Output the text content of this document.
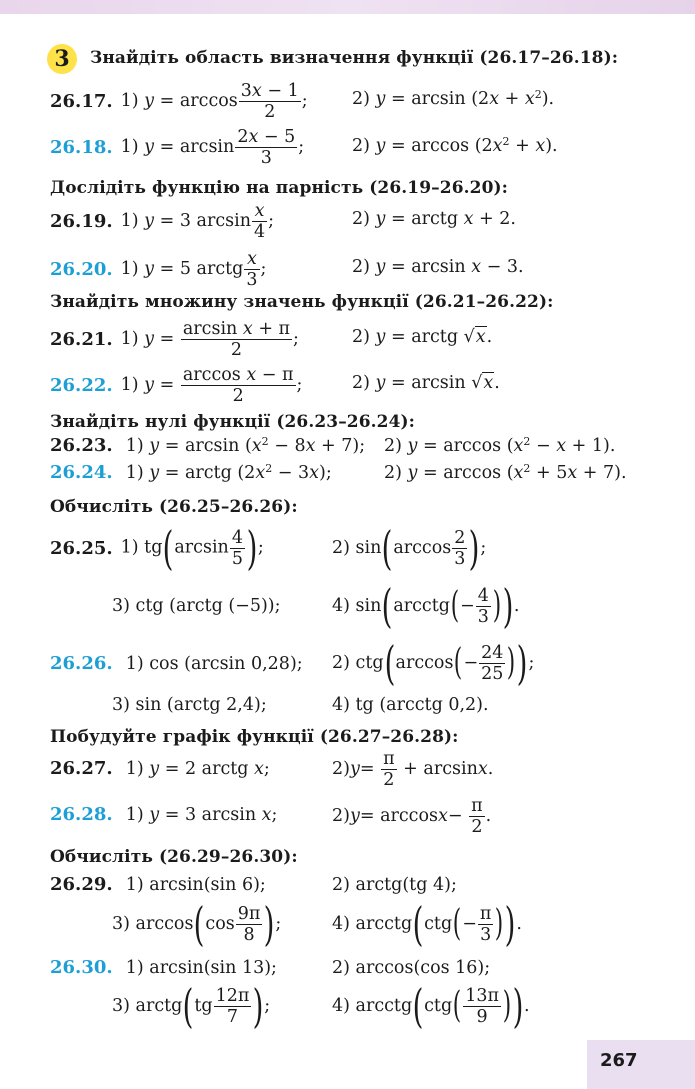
3	Знайдіть область визначення функції (26.17–26.18):
26.17. 1) $y = \arccos \frac{3x - 1}{2}$ ;	2) $y = \arcsin (2x + x^2)$.
26.18. 1) $y = \arcsin \frac{2x - 5}{3}$ ;	2) $y = \arccos (2x^2 + x)$.
Дослідіть функцію на парність (26.19–26.20):
26.19. 1) y = 3 $\arcsin \frac{x}{4}$ ;	2) y = arctg x + 2.
26.20. 1) y = 5 arctg $\frac{x}{3}$ ;	2) y = arcsin x − 3.
Знайдіть множину значень функції (26.21–26.22):
26.21. 1) $y = \frac{\text{arcsin x + π}}{2}$ ;	2) y = arctg √x.
26.22. 1) $y = \frac{\text{arccos x − π}}{2}$ ;	2) y = arcsin √x.
Знайдіть нулі функції (26.23–26.24):
26.23. 1) $y = \arcsin (x^2 - 8x + 7)$; 2) $y = \arccos (x^2 - x + 1)$.
26.24. 1) y = arctg $(2x^2 - 3x)$;	2) $y = \arccos (x^2 + 5x + 7)$.
Обчисліть (26.25–26.26):
26.25. 1) $tg(\arcsin \frac{4}{5}$ );	2) sin ( $\arccos \frac{2}{3}$ ) ;
3) ctg (arctg (−5));	4) sin ( arcctg ( − $\frac{4}{3}$ ) ) .
26.26. 1) cos (arcsin 0,28); 2) ctg ( arccos ( − $\frac{24}{25}$ ) ) ;
3) sin (arctg 2,4);	4) tg (arcctg 0,2).
Побудуйте графік функції (26.27–26.28):
26.27. 1) y = 2 arctg x;	2) $y = \frac{\pi}{2} + \arcsin x$ .
26.28. 1) y = 3 arcsin x;	2) $y = \arccos x - \frac{\pi}{2}$ .
Обчисліть (26.29–26.30):
26.29. 1) arcsin(sin 6);	2) arctg(tg 4);
3) arccos ( $\cos \frac{9\pi}{8}$ ) ;	4) arcctg ( ctg ( − $\frac{\pi}{3}$ ) ) .
26.30. 1) arcsin(sin 13);	2) arccos(cos 16);
3) arctg ( tg $\frac{12\pi}{7}$ ) ;	4) arcctg ( ctg ( $\frac{13\pi}{9}$ ) ) .
267
